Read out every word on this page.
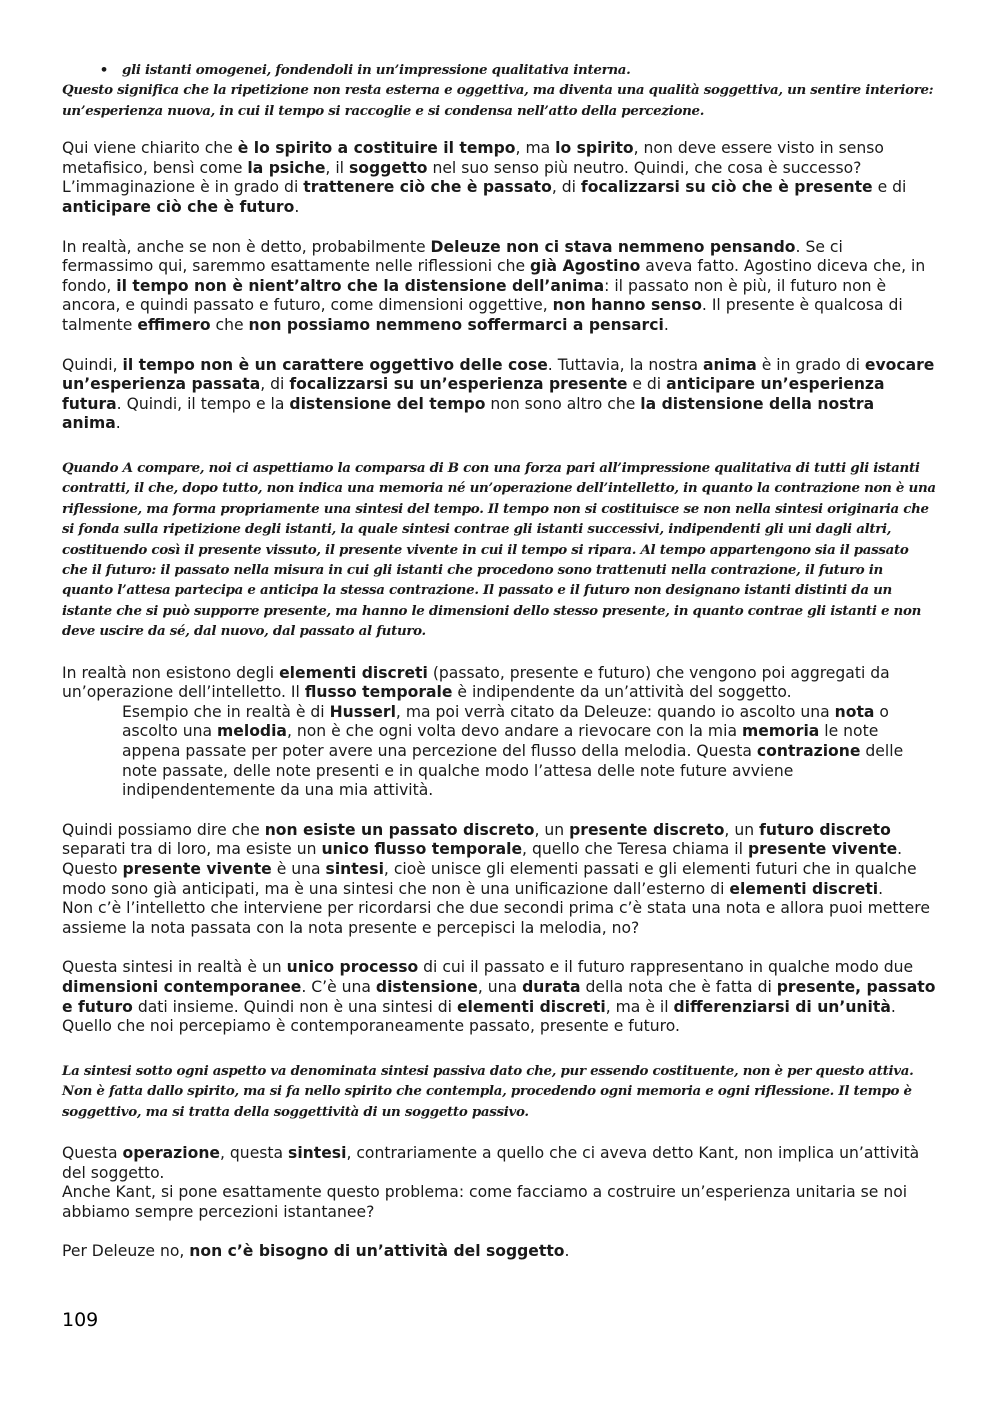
•	gli istanti omogenei, fondendoli in un’impressione qualitativa interna.

Questo significa che la ripetizione non resta esterna e oggettiva, ma diventa una qualità soggettiva, un sentire interiore: un’esperienza nuova, in cui il tempo si raccoglie e si condensa nell’atto della percezione.

Qui viene chiarito che è lo spirito a costituire il tempo, ma lo spirito, non deve essere visto in senso metafisico, bensì come la psiche, il soggetto nel suo senso più neutro. Quindi, che cosa è successo? L’immaginazione è in grado di trattenere ciò che è passato, di focalizzarsi su ciò che è presente e di anticipare ciò che è futuro.

In realtà, anche se non è detto, probabilmente Deleuze non ci stava nemmeno pensando. Se ci fermassimo qui, saremmo esattamente nelle riflessioni che già Agostino aveva fatto. Agostino diceva che, in fondo, il tempo non è nient’altro che la distensione dell’anima: il passato non è più, il futuro non è ancora, e quindi passato e futuro, come dimensioni oggettive, non hanno senso. Il presente è qualcosa di talmente effimero che non possiamo nemmeno soffermarci a pensarci.

Quindi, il tempo non è un carattere oggettivo delle cose. Tuttavia, la nostra anima è in grado di evocare un’esperienza passata, di focalizzarsi su un’esperienza presente e di anticipare un’esperienza futura. Quindi, il tempo e la distensione del tempo non sono altro che la distensione della nostra anima.

Quando A compare, noi ci aspettiamo la comparsa di B con una forza pari all’impressione qualitativa di tutti gli istanti contratti, il che, dopo tutto, non indica una memoria né un’operazione dell’intelletto, in quanto la contrazione non è una riflessione, ma forma propriamente una sintesi del tempo. Il tempo non si costituisce se non nella sintesi originaria che si fonda sulla ripetizione degli istanti, la quale sintesi contrae gli istanti successivi, indipendenti gli uni dagli altri, costituendo così il presente vissuto, il presente vivente in cui il tempo si ripara. Al tempo appartengono sia il passato che il futuro: il passato nella misura in cui gli istanti che procedono sono trattenuti nella contrazione, il futuro in quanto l’attesa partecipa e anticipa la stessa contrazione. Il passato e il futuro non designano istanti distinti da un istante che si può supporre presente, ma hanno le dimensioni dello stesso presente, in quanto contrae gli istanti e non deve uscire da sé, dal nuovo, dal passato al futuro.

In realtà non esistono degli elementi discreti (passato, presente e futuro) che vengono poi aggregati da un’operazione dell’intelletto. Il flusso temporale è indipendente da un’attività del soggetto.

Esempio che in realtà è di Husserl, ma poi verrà citato da Deleuze: quando io ascolto una nota o ascolto una melodia, non è che ogni volta devo andare a rievocare con la mia memoria le note appena passate per poter avere una percezione del flusso della melodia. Questa contrazione delle note passate, delle note presenti e in qualche modo l’attesa delle note future avviene indipendentemente da una mia attività.

Quindi possiamo dire che non esiste un passato discreto, un presente discreto, un futuro discreto separati tra di loro, ma esiste un unico flusso temporale, quello che Teresa chiama il presente vivente.

Questo presente vivente è una sintesi, cioè unisce gli elementi passati e gli elementi futuri che in qualche modo sono già anticipati, ma è una sintesi che non è una unificazione dall’esterno di elementi discreti.

Non c’è l’intelletto che interviene per ricordarsi che due secondi prima c’è stata una nota e allora puoi mettere assieme la nota passata con la nota presente e percepisci la melodia, no?

Questa sintesi in realtà è un unico processo di cui il passato e il futuro rappresentano in qualche modo due dimensioni contemporanee. C’è una distensione, una durata della nota che è fatta di presente, passato e futuro dati insieme. Quindi non è una sintesi di elementi discreti, ma è il differenziarsi di un’unità. Quello che noi percepiamo è contemporaneamente passato, presente e futuro.

La sintesi sotto ogni aspetto va denominata sintesi passiva dato che, pur essendo costituente, non è per questo attiva. Non è fatta dallo spirito, ma si fa nello spirito che contempla, procedendo ogni memoria e ogni riflessione. Il tempo è soggettivo, ma si tratta della soggettività di un soggetto passivo.

Questa operazione, questa sintesi, contrariamente a quello che ci aveva detto Kant, non implica un’attività del soggetto.

Anche Kant, si pone esattamente questo problema: come facciamo a costruire un’esperienza unitaria se noi abbiamo sempre percezioni istantanee?

Per Deleuze no, non c’è bisogno di un’attività del soggetto.

109
